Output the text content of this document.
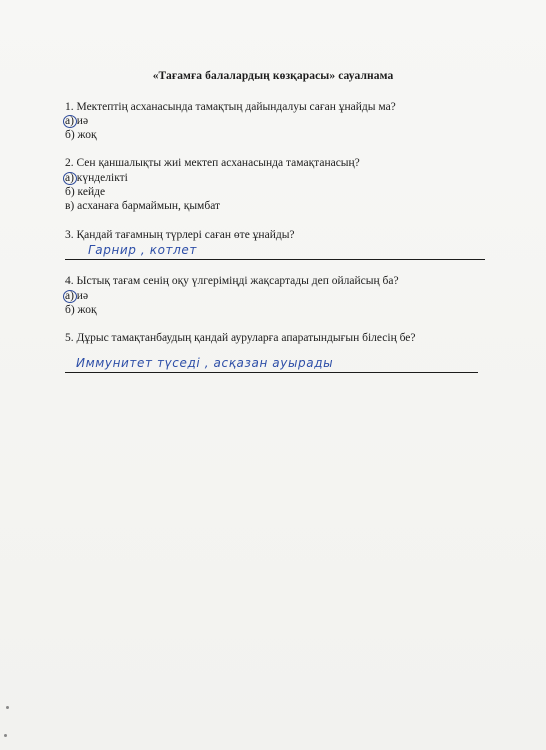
«Тағамға балалардың көзқарасы» сауалнама
1. Мектептің асханасында тамақтың дайындалуы саған ұнайды ма?
а) иә
б) жоқ
2. Сен қаншалықты жиі мектеп асханасында тамақтанасың?
а) күнделікті
б) кейде
в) асханаға бармаймын, қымбат
3. Қандай тағамның түрлері саған өте ұнайды?
Гарнир , котлет
4. Ыстық тағам сенің оқу үлгеріміңді жақсартады деп ойлайсың ба?
а) иә
б) жоқ
5. Дұрыс тамақтанбаудың қандай ауруларға апаратындығын білесің бе?
Иммунитет түседі , асқазан ауырады
